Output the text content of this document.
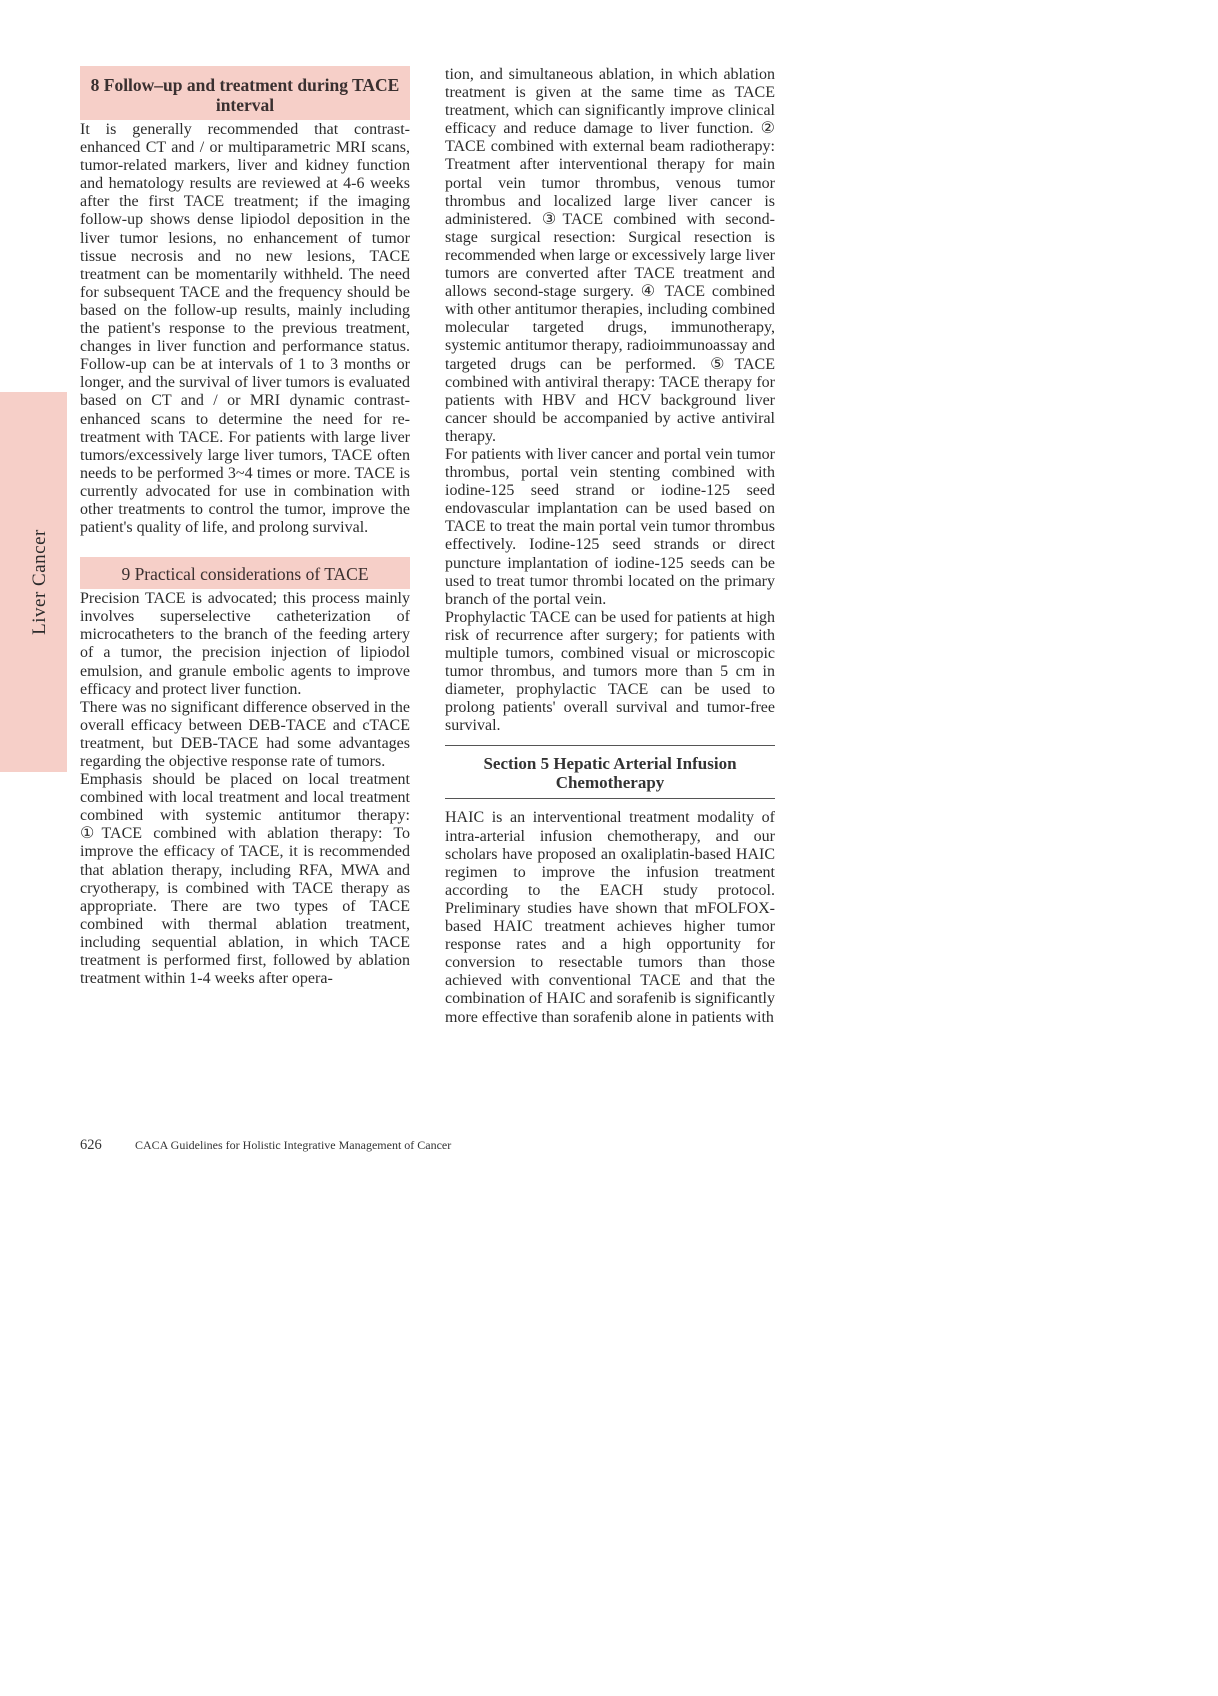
Liver Cancer
8 Follow–up and treatment during TACE interval

It is generally recommended that contrast-enhanced CT and / or multiparametric MRI scans, tumor-related markers, liver and kidney function and hematology results are reviewed at 4-6 weeks after the first TACE treatment; if the imaging follow-up shows dense lipiodol deposition in the liver tumor lesions, no enhancement of tumor tissue necrosis and no new lesions, TACE treatment can be momentarily withheld. The need for subsequent TACE and the frequency should be based on the follow-up results, mainly including the patient's response to the previous treatment, changes in liver function and performance status. Follow-up can be at intervals of 1 to 3 months or longer, and the survival of liver tumors is evaluated based on CT and / or MRI dynamic contrast-enhanced scans to determine the need for re-treatment with TACE. For patients with large liver tumors/excessively large liver tumors, TACE often needs to be performed 3~4 times or more. TACE is currently advocated for use in combination with other treatments to control the tumor, improve the patient's quality of life, and prolong survival.

9 Practical considerations of TACE

Precision TACE is advocated; this process mainly involves superselective catheterization of microcatheters to the branch of the feeding artery of a tumor, the precision injection of lipiodol emulsion, and granule embolic agents to improve efficacy and protect liver function.

There was no significant difference observed in the overall efficacy between DEB-TACE and cTACE treatment, but DEB-TACE had some advantages regarding the objective response rate of tumors.

Emphasis should be placed on local treatment combined with local treatment and local treatment combined with systemic antitumor therapy: ①TACE combined with ablation therapy: To improve the efficacy of TACE, it is recommended that ablation therapy, including RFA, MWA and cryotherapy, is combined with TACE therapy as appropriate. There are two types of TACE combined with thermal ablation treatment, including sequential ablation, in which TACE treatment is performed first, followed by ablation treatment within 1-4 weeks after opera-

tion, and simultaneous ablation, in which ablation treatment is given at the same time as TACE treatment, which can significantly improve clinical efficacy and reduce damage to liver function. ② TACE combined with external beam radiotherapy: Treatment after interventional therapy for main portal vein tumor thrombus, venous tumor thrombus and localized large liver cancer is administered. ③TACE combined with second-stage surgical resection: Surgical resection is recommended when large or excessively large liver tumors are converted after TACE treatment and allows second-stage surgery. ④ TACE combined with other antitumor therapies, including combined molecular targeted drugs, immunotherapy, systemic antitumor therapy, radioimmunoassay and targeted drugs can be performed. ⑤TACE combined with antiviral therapy: TACE therapy for patients with HBV and HCV background liver cancer should be accompanied by active antiviral therapy.

For patients with liver cancer and portal vein tumor thrombus, portal vein stenting combined with iodine-125 seed strand or iodine-125 seed endovascular implantation can be used based on TACE to treat the main portal vein tumor thrombus effectively. Iodine-125 seed strands or direct puncture implantation of iodine-125 seeds can be used to treat tumor thrombi located on the primary branch of the portal vein.

Prophylactic TACE can be used for patients at high risk of recurrence after surgery; for patients with multiple tumors, combined visual or microscopic tumor thrombus, and tumors more than 5 cm in diameter, prophylactic TACE can be used to prolong patients' overall survival and tumor-free survival.

Section 5 Hepatic Arterial Infusion Chemotherapy

HAIC is an interventional treatment modality of intra-arterial infusion chemotherapy, and our scholars have proposed an oxaliplatin-based HAIC regimen to improve the infusion treatment according to the EACH study protocol. Preliminary studies have shown that mFOLFOX-based HAIC treatment achieves higher tumor response rates and a high opportunity for conversion to resectable tumors than those achieved with conventional TACE and that the combination of HAIC and sorafenib is significantly more effective than sorafenib alone in patients with

626	CACA Guidelines for Holistic Integrative Management of Cancer
